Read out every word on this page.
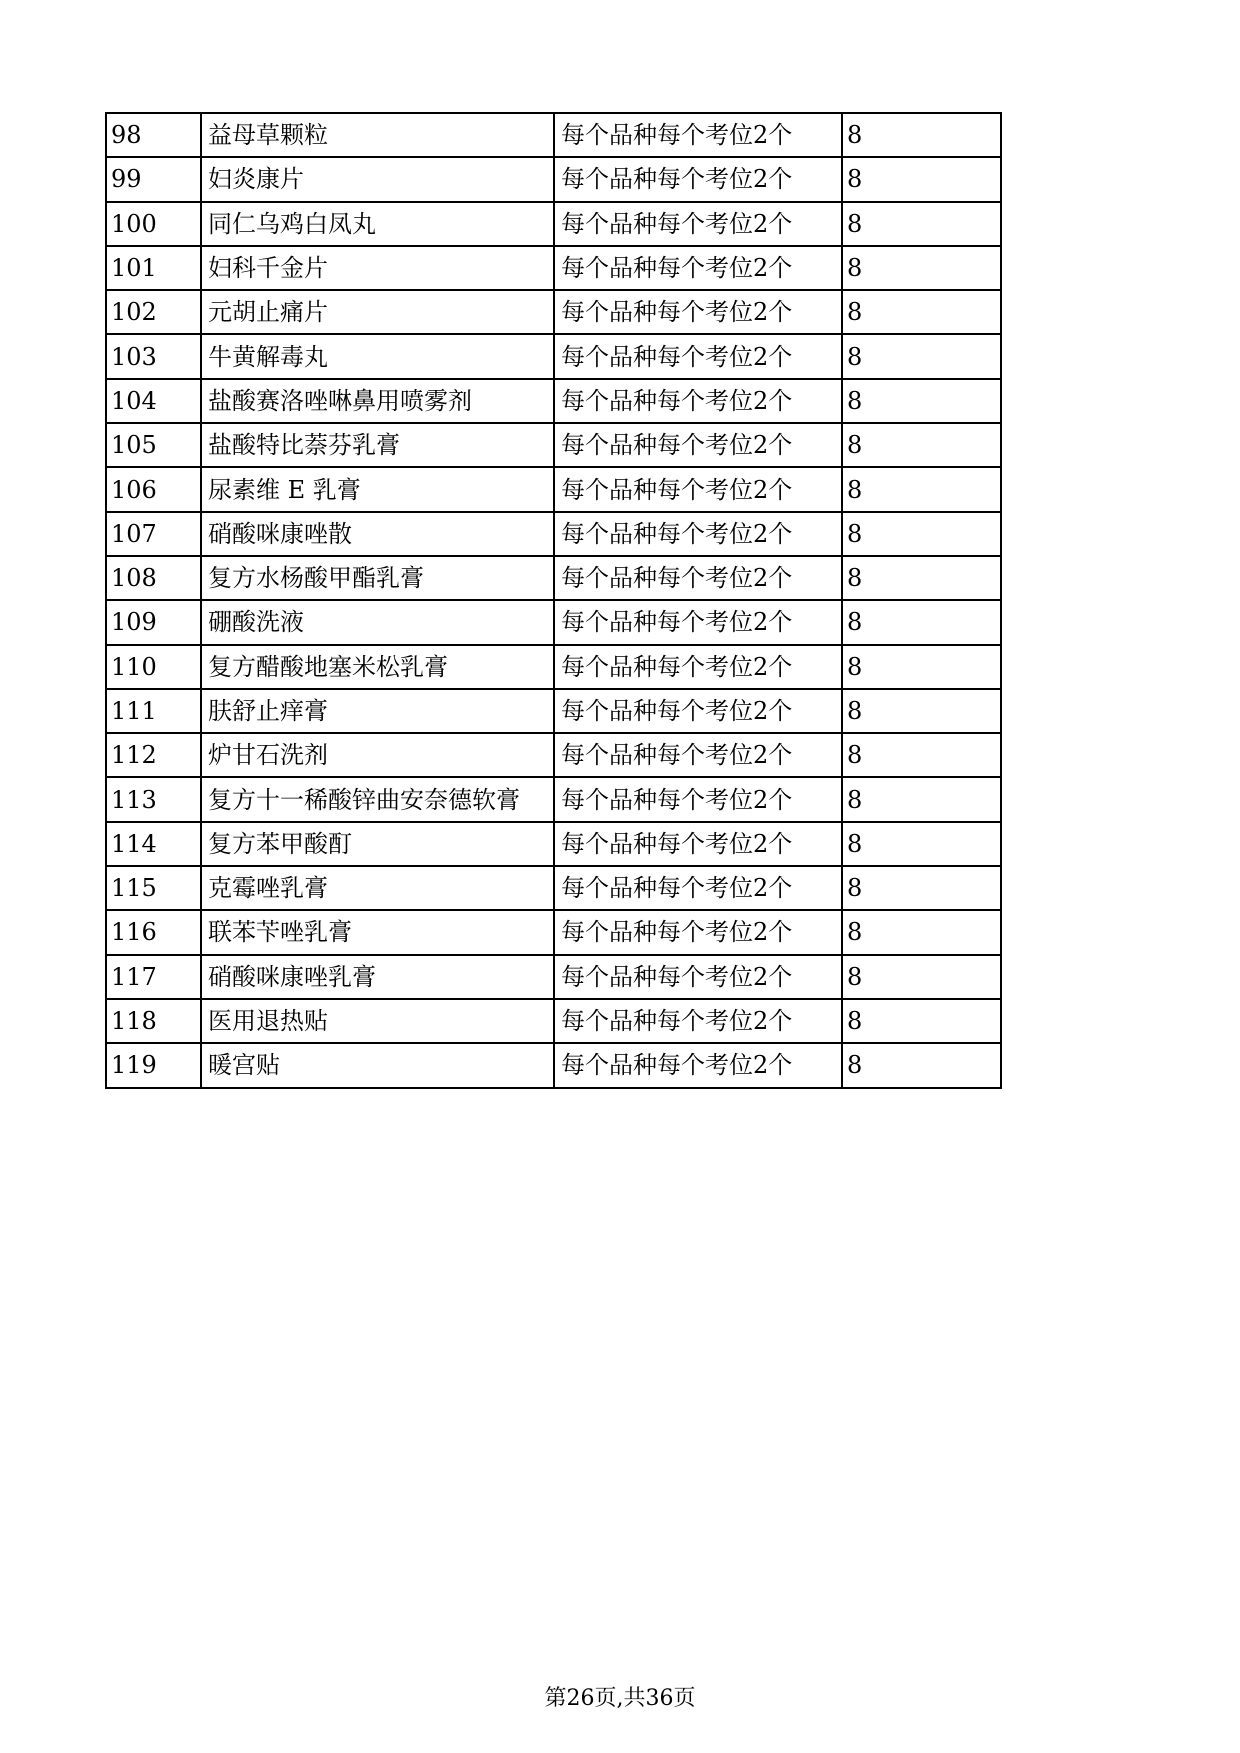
98	益母草颗粒	每个品种每个考位2个	8
99	妇炎康片	每个品种每个考位2个	8
100	同仁乌鸡白凤丸	每个品种每个考位2个	8
101	妇科千金片	每个品种每个考位2个	8
102	元胡止痛片	每个品种每个考位2个	8
103	牛黄解毒丸	每个品种每个考位2个	8
104	盐酸赛洛唑啉鼻用喷雾剂	每个品种每个考位2个	8
105	盐酸特比萘芬乳膏	每个品种每个考位2个	8
106	尿素维 E 乳膏	每个品种每个考位2个	8
107	硝酸咪康唑散	每个品种每个考位2个	8
108	复方水杨酸甲酯乳膏	每个品种每个考位2个	8
109	硼酸洗液	每个品种每个考位2个	8
110	复方醋酸地塞米松乳膏	每个品种每个考位2个	8
111	肤舒止痒膏	每个品种每个考位2个	8
112	炉甘石洗剂	每个品种每个考位2个	8
113	复方十一稀酸锌曲安奈德软膏	每个品种每个考位2个	8
114	复方苯甲酸酊	每个品种每个考位2个	8
115	克霉唑乳膏	每个品种每个考位2个	8
116	联苯苄唑乳膏	每个品种每个考位2个	8
117	硝酸咪康唑乳膏	每个品种每个考位2个	8
118	医用退热贴	每个品种每个考位2个	8
119	暖宫贴	每个品种每个考位2个	8
第26页,共36页
